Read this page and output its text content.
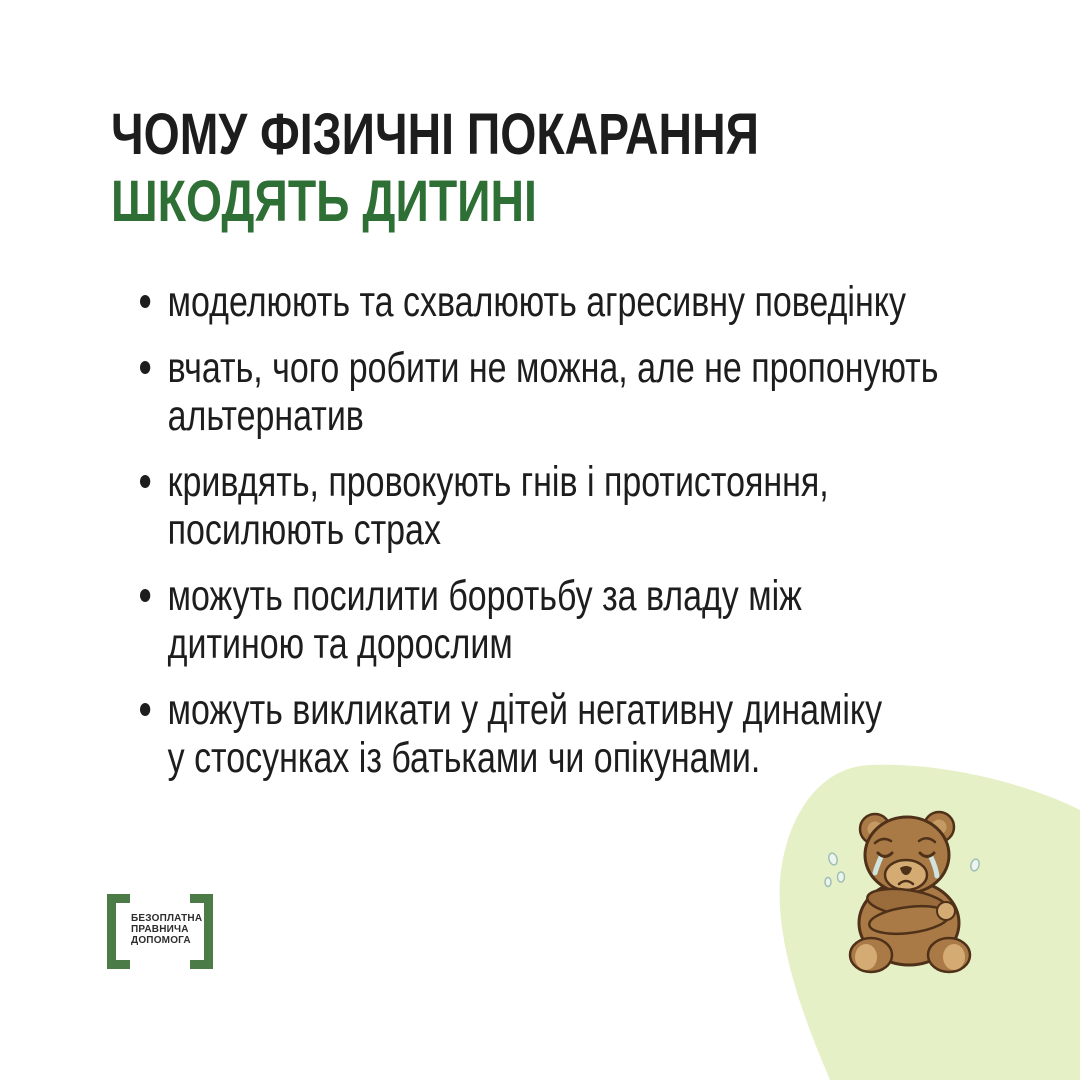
ЧОМУ ФІЗИЧНІ ПОКАРАННЯ
ШКОДЯТЬ ДИТИНІ
моделюють та схвалюють агресивну поведінку
вчать, чого робити не можна, але не пропонують
альтернатив
кривдять, провокують гнів і протистояння,
посилюють страх
можуть посилити боротьбу за владу між
дитиною та дорослим
можуть викликати у дітей негативну динаміку
у стосунках із батьками чи опікунами.
БЕЗОПЛАТНА
ПРАВНИЧА
ДОПОМОГА
